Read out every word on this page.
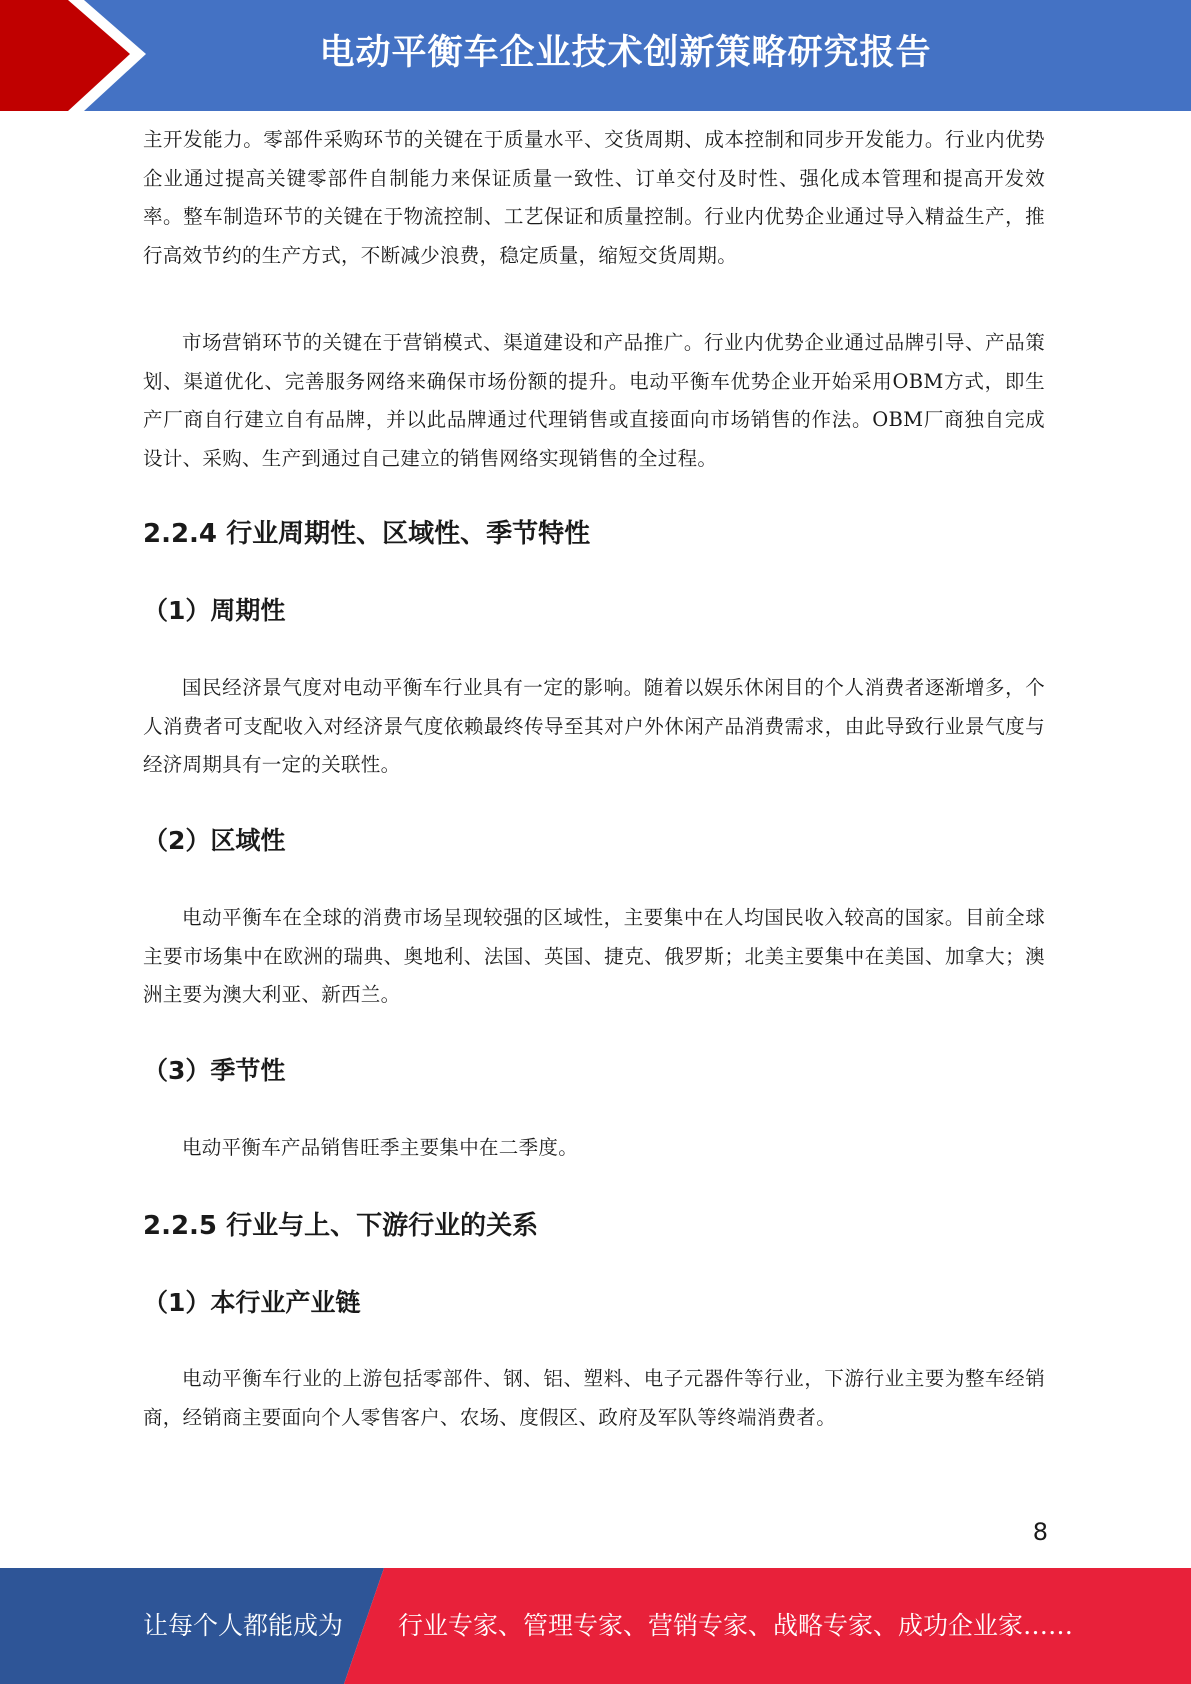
电动平衡车企业技术创新策略研究报告

主开发能力。零部件采购环节的关键在于质量水平、交货周期、成本控制和同步开发能力。行业内优势企业通过提高关键零部件自制能力来保证质量一致性、订单交付及时性、强化成本管理和提高开发效率。整车制造环节的关键在于物流控制、工艺保证和质量控制。行业内优势企业通过导入精益生产，推行高效节约的生产方式，不断减少浪费，稳定质量，缩短交货周期。

市场营销环节的关键在于营销模式、渠道建设和产品推广。行业内优势企业通过品牌引导、产品策划、渠道优化、完善服务网络来确保市场份额的提升。电动平衡车优势企业开始采用OBM方式，即生产厂商自行建立自有品牌，并以此品牌通过代理销售或直接面向市场销售的作法。OBM厂商独自完成设计、采购、生产到通过自己建立的销售网络实现销售的全过程。

2.2.4 行业周期性、区域性、季节特性
（1）周期性

国民经济景气度对电动平衡车行业具有一定的影响。随着以娱乐休闲目的个人消费者逐渐增多，个人消费者可支配收入对经济景气度依赖最终传导至其对户外休闲产品消费需求，由此导致行业景气度与经济周期具有一定的关联性。

（2）区域性

电动平衡车在全球的消费市场呈现较强的区域性，主要集中在人均国民收入较高的国家。目前全球主要市场集中在欧洲的瑞典、奥地利、法国、英国、捷克、俄罗斯；北美主要集中在美国、加拿大；澳洲主要为澳大利亚、新西兰。

（3）季节性

电动平衡车产品销售旺季主要集中在二季度。

2.2.5 行业与上、下游行业的关系
（1）本行业产业链

电动平衡车行业的上游包括零部件、钢、铝、塑料、电子元器件等行业，下游行业主要为整车经销商，经销商主要面向个人零售客户、农场、度假区、政府及军队等终端消费者。

8
让每个人都能成为 行业专家、管理专家、营销专家、战略专家、成功企业家……
